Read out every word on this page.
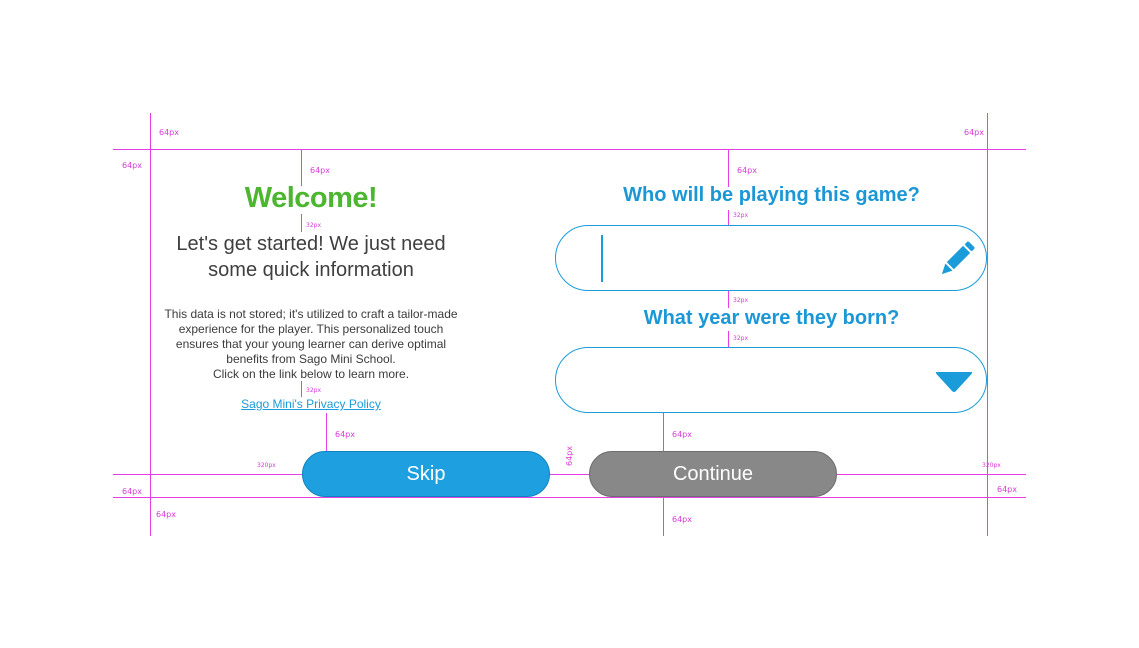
64px	64px
64px
64px	64px
32px
32px
32px
32px
32px
64px	64px
320px	320px
64px
64px	64px
64px
64px
Welcome!
Let's get started! We just need
some quick information
This data is not stored; it's utilized to craft a tailor-made
experience for the player. This personalized touch
ensures that your young learner can derive optimal
benefits from Sago Mini School.
Click on the link below to learn more.
Sago Mini's Privacy Policy
Who will be playing this game?
What year were they born?
Skip	Continue
